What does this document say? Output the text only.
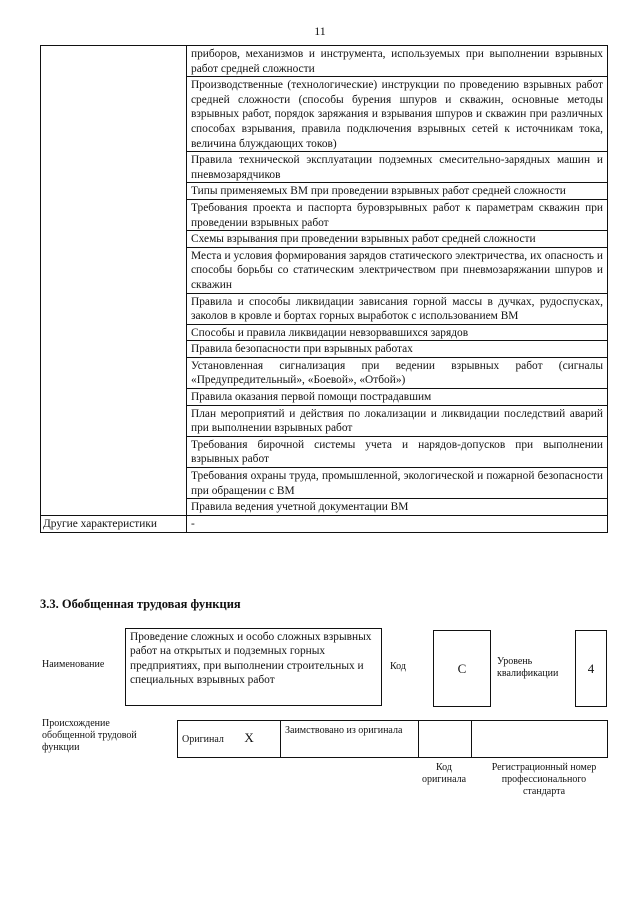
11
	приборов, механизмов и инструмента, используемых при выполнении взрывных работ средней сложности
	Производственные (технологические) инструкции по проведению взрывных работ средней сложности (способы бурения шпуров и скважин, основные методы взрывных работ, порядок заряжания и взрывания шпуров и скважин при различных способах взрывания, правила подключения взрывных сетей к источникам тока, величина блуждающих токов)
	Правила технической эксплуатации подземных смесительно-зарядных машин и пневмозарядчиков
	Типы применяемых ВМ при проведении взрывных работ средней сложности
	Требования проекта и паспорта буровзрывных работ к параметрам скважин при проведении взрывных работ
	Схемы взрывания при проведении взрывных работ средней сложности
	Места и условия формирования зарядов статического электричества, их опасность и способы борьбы со статическим электричеством при пневмозаряжании шпуров и скважин
	Правила и способы ликвидации зависания горной массы в дучках, рудоспусках, заколов в кровле и бортах горных выработок с использованием ВМ
	Способы и правила ликвидации невзорвавшихся зарядов
	Правила безопасности при взрывных работах
	Установленная сигнализация при ведении взрывных работ (сигналы «Предупредительный», «Боевой», «Отбой»)
	Правила оказания первой помощи пострадавшим
	План мероприятий и действия по локализации и ликвидации последствий аварий при выполнении взрывных работ
	Требования бирочной системы учета и нарядов-допусков при выполнении взрывных работ
	Требования охраны труда, промышленной, экологической и пожарной безопасности при обращении с ВМ
	Правила ведения учетной документации ВМ
Другие характеристики	-
3.3. Обобщенная трудовая функция
Наименование
Проведение сложных и особо сложных взрывных работ на открытых и подземных горных предприятиях, при выполнении строительных и специальных взрывных работ
Код	C	Уровень квалификации	4
Происхождение обобщенной трудовой функции
Оригинал X	Заимствовано из оригинала		
Код оригинала
Регистрационный номер профессионального стандарта
